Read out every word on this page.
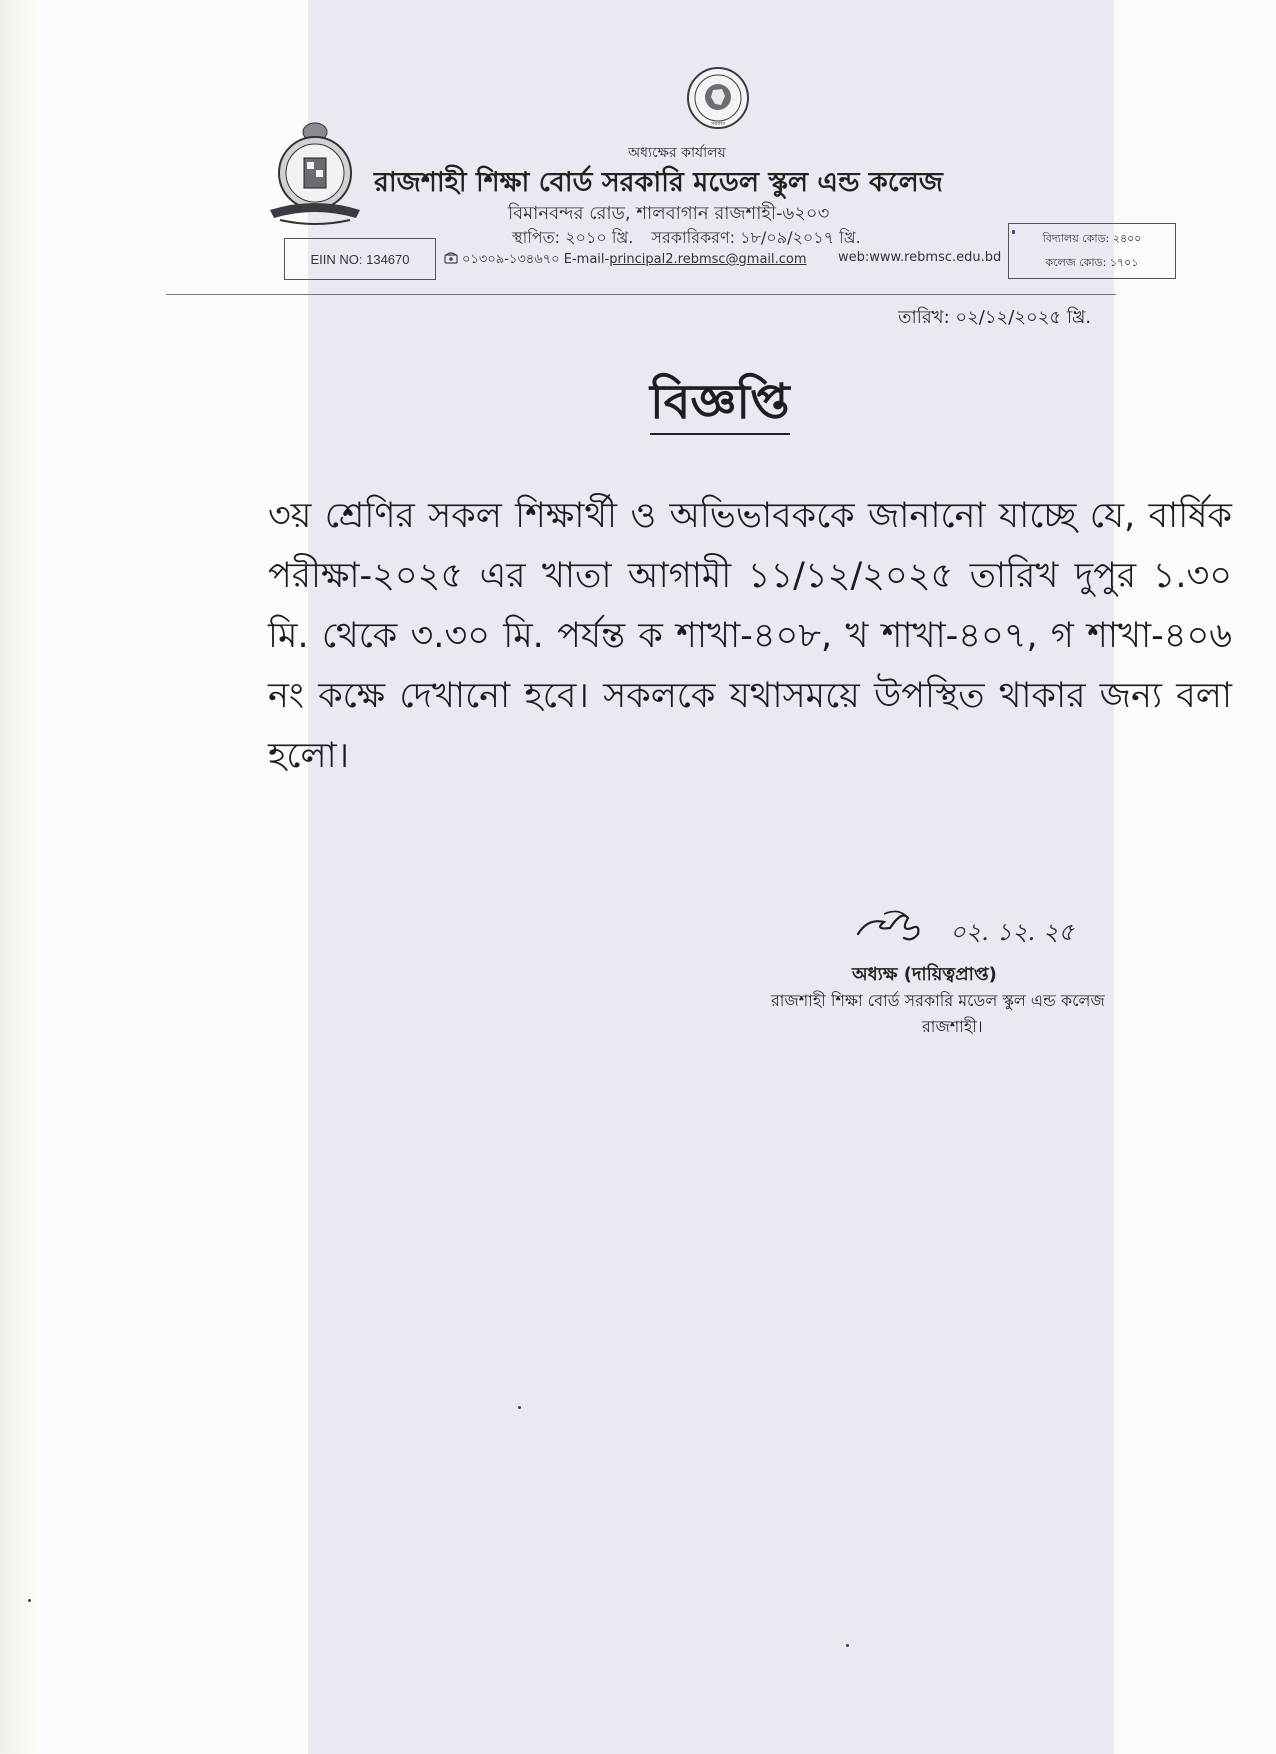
সরকার
অধ্যক্ষের কার্যালয়
রাজশাহী শিক্ষা বোর্ড সরকারি মডেল স্কুল এন্ড কলেজ
বিমানবন্দর রোড, শালবাগান রাজশাহী-৬২০৩
স্থাপিত: ২০১০ খ্রি. সরকারিকরণ: ১৮/০৯/২০১৭ খ্রি.
EIIN NO: 134670	০১৩০৯-১৩৪৬৭০ E-mail-principal2.rebmsc@gmail.com web:www.rebmsc.edu.bd
বিদ্যালয় কোড: ২৪০০
কলেজ কোড: ১৭০১
তারিখ: ০২/১২/২০২৫ খ্রি.
বিজ্ঞপ্তি
৩য় শ্রেণির সকল শিক্ষার্থী ও অভিভাবককে জানানো যাচ্ছে যে, বার্ষিক পরীক্ষা-২০২৫ এর খাতা আগামী ১১/১২/২০২৫ তারিখ দুপুর ১.৩০ মি. থেকে ৩.৩০ মি. পর্যন্ত ক শাখা-৪০৮, খ শাখা-৪০৭, গ শাখা-৪০৬ নং কক্ষে দেখানো হবে। সকলকে যথাসময়ে উপস্থিত থাকার জন্য বলা হলো।
০২. ১২. ২৫
অধ্যক্ষ (দায়িত্বপ্রাপ্ত)
রাজশাহী শিক্ষা বোর্ড সরকারি মডেল স্কুল এন্ড কলেজ
রাজশাহী।
